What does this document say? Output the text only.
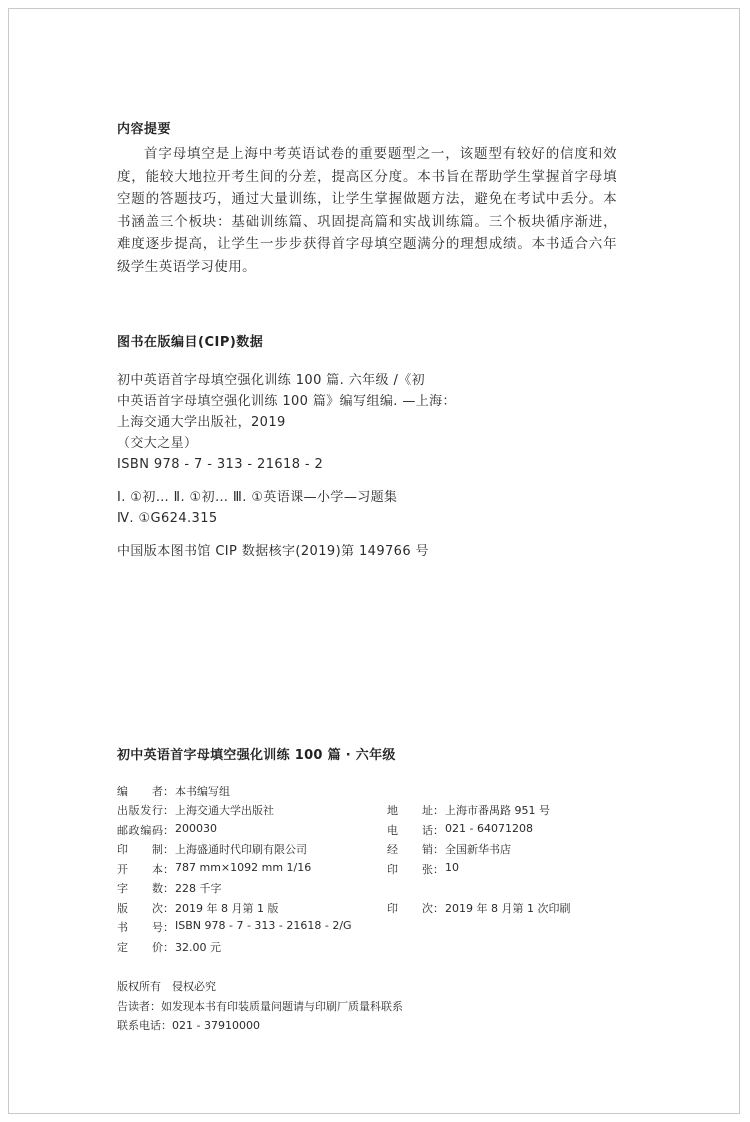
内容提要

首字母填空是上海中考英语试卷的重要题型之一，该题型有较好的信度和效度，能较大地拉开考生间的分差，提高区分度。本书旨在帮助学生掌握首字母填空题的答题技巧，通过大量训练，让学生掌握做题方法，避免在考试中丢分。本书涵盖三个板块：基础训练篇、巩固提高篇和实战训练篇。三个板块循序渐进，难度逐步提高，让学生一步步获得首字母填空题满分的理想成绩。本书适合六年级学生英语学习使用。

图书在版编目(CIP)数据
初中英语首字母填空强化训练 100 篇. 六年级 /《初
中英语首字母填空强化训练 100 篇》编写组编. —上海：
上海交通大学出版社，2019
（交大之星）
ISBN 978 - 7 - 313 - 21618 - 2
Ⅰ. ①初… Ⅱ. ①初… Ⅲ. ①英语课—小学—习题集
Ⅳ. ①G624.315
中国版本图书馆 CIP 数据核字(2019)第 149766 号
初中英语首字母填空强化训练 100 篇 · 六年级
编　　者 ： 本书编写组
出版发行 ： 上海交通大学出版社	地　　址 ： 上海市番禺路 951 号
邮政编码 ： 200030	电　　话 ： 021 - 64071208
印　　制 ： 上海盛通时代印刷有限公司	经　　销 ： 全国新华书店
开　　本 ： 787 mm×1092 mm 1/16	印　　张 ： 10
字　　数 ： 228 千字
版　　次 ： 2019 年 8 月第 1 版	印　　次 ： 2019 年 8 月第 1 次印刷
书　　号 ： ISBN 978 - 7 - 313 - 21618 - 2/G
定　　价 ： 32.00 元
版权所有　侵权必究
告读者：如发现本书有印装质量问题请与印刷厂质量科联系
联系电话：021 - 37910000
